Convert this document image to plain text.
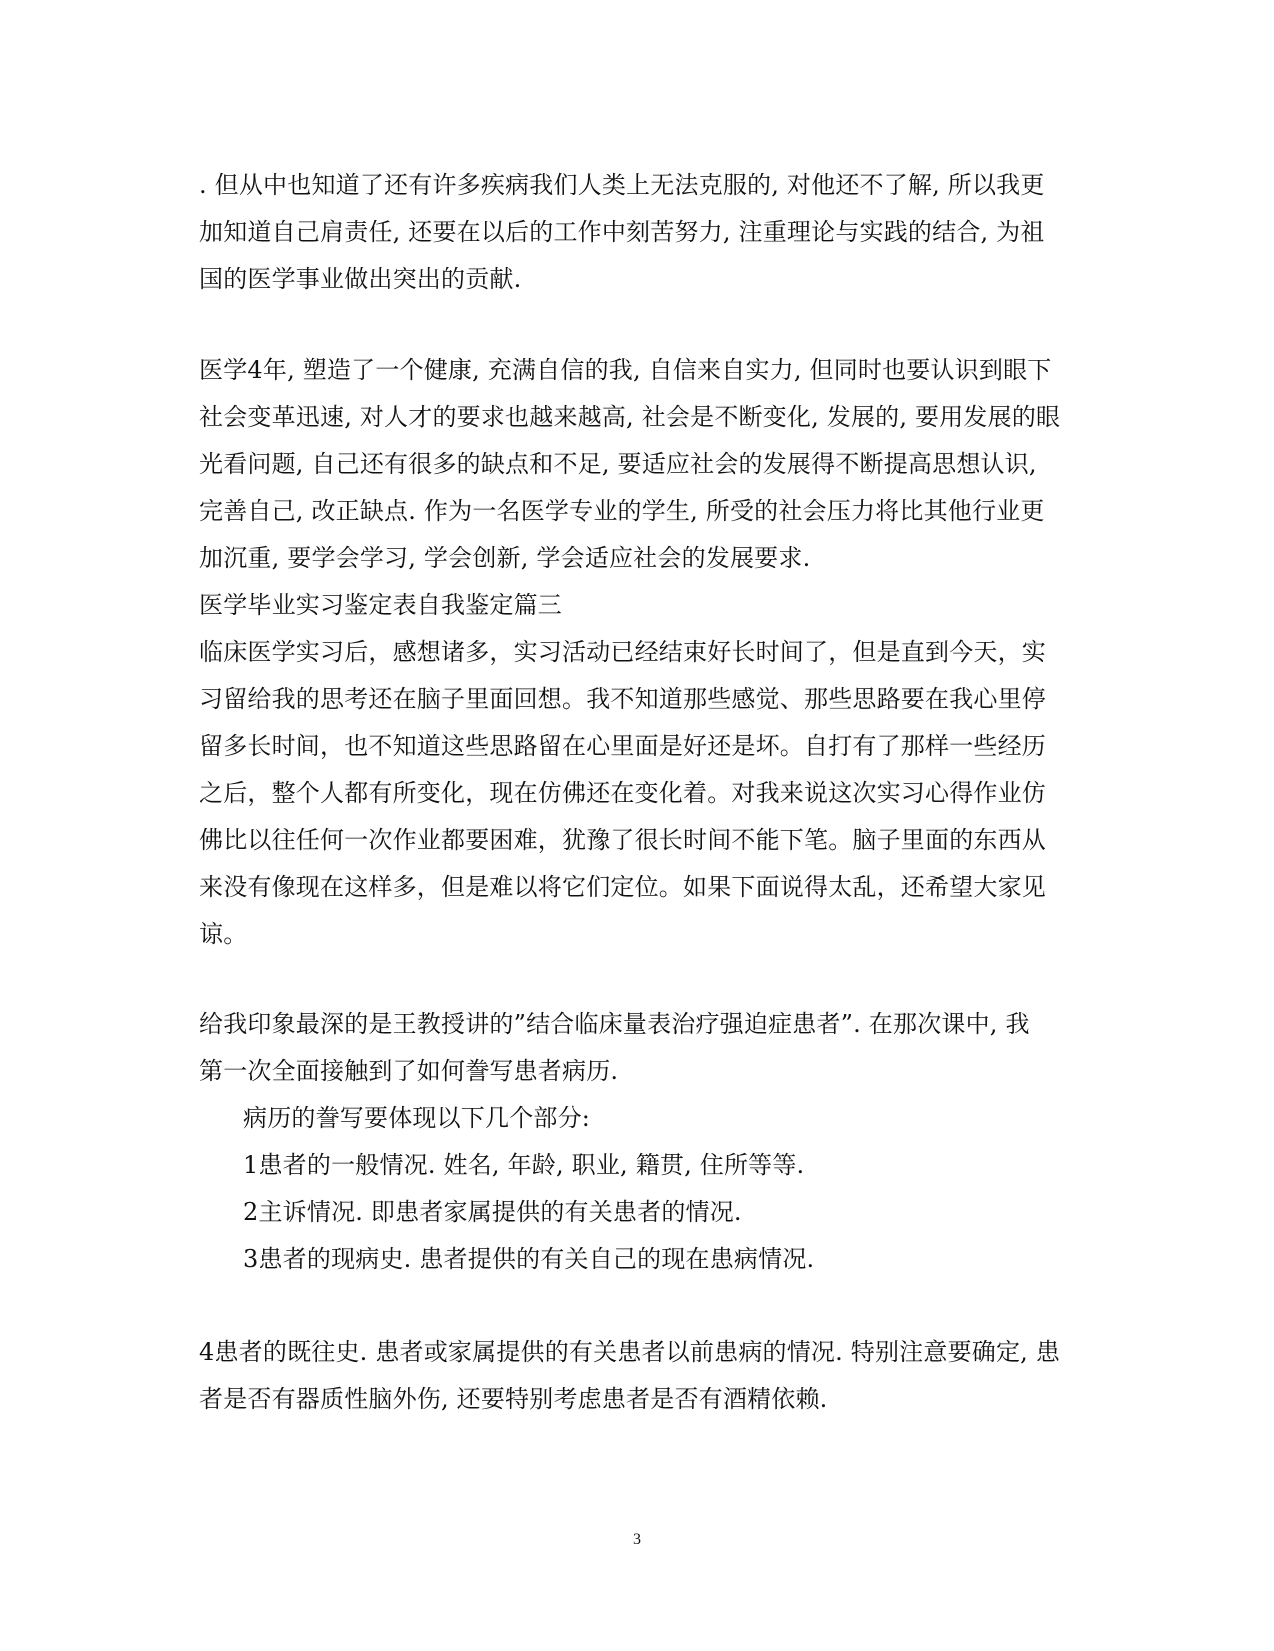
. 但从中也知道了还有许多疾病我们人类上无法克服的, 对他还不了解, 所以我更
加知道自己肩责任, 还要在以后的工作中刻苦努力, 注重理论与实践的结合, 为祖
国的医学事业做出突出的贡献.
医学4年, 塑造了一个健康, 充满自信的我, 自信来自实力, 但同时也要认识到眼下
社会变革迅速, 对人才的要求也越来越高, 社会是不断变化, 发展的, 要用发展的眼
光看问题, 自己还有很多的缺点和不足, 要适应社会的发展得不断提高思想认识,
完善自己, 改正缺点. 作为一名医学专业的学生, 所受的社会压力将比其他行业更
加沉重, 要学会学习, 学会创新, 学会适应社会的发展要求.
医学毕业实习鉴定表自我鉴定篇三
临床医学实习后，感想诸多，实习活动已经结束好长时间了，但是直到今天，实
习留给我的思考还在脑子里面回想。我不知道那些感觉、那些思路要在我心里停
留多长时间，也不知道这些思路留在心里面是好还是坏。自打有了那样一些经历
之后，整个人都有所变化，现在仿佛还在变化着。对我来说这次实习心得作业仿
佛比以往任何一次作业都要困难，犹豫了很长时间不能下笔。脑子里面的东西从
来没有像现在这样多，但是难以将它们定位。如果下面说得太乱，还希望大家见
谅。
给我印象最深的是王教授讲的”结合临床量表治疗强迫症患者”. 在那次课中, 我
第一次全面接触到了如何誊写患者病历.
病历的誊写要体现以下几个部分:
1患者的一般情况. 姓名, 年龄, 职业, 籍贯, 住所等等.
2主诉情况. 即患者家属提供的有关患者的情况.
3患者的现病史. 患者提供的有关自己的现在患病情况.
4患者的既往史. 患者或家属提供的有关患者以前患病的情况. 特别注意要确定, 患
者是否有器质性脑外伤, 还要特别考虑患者是否有酒精依赖.
3
